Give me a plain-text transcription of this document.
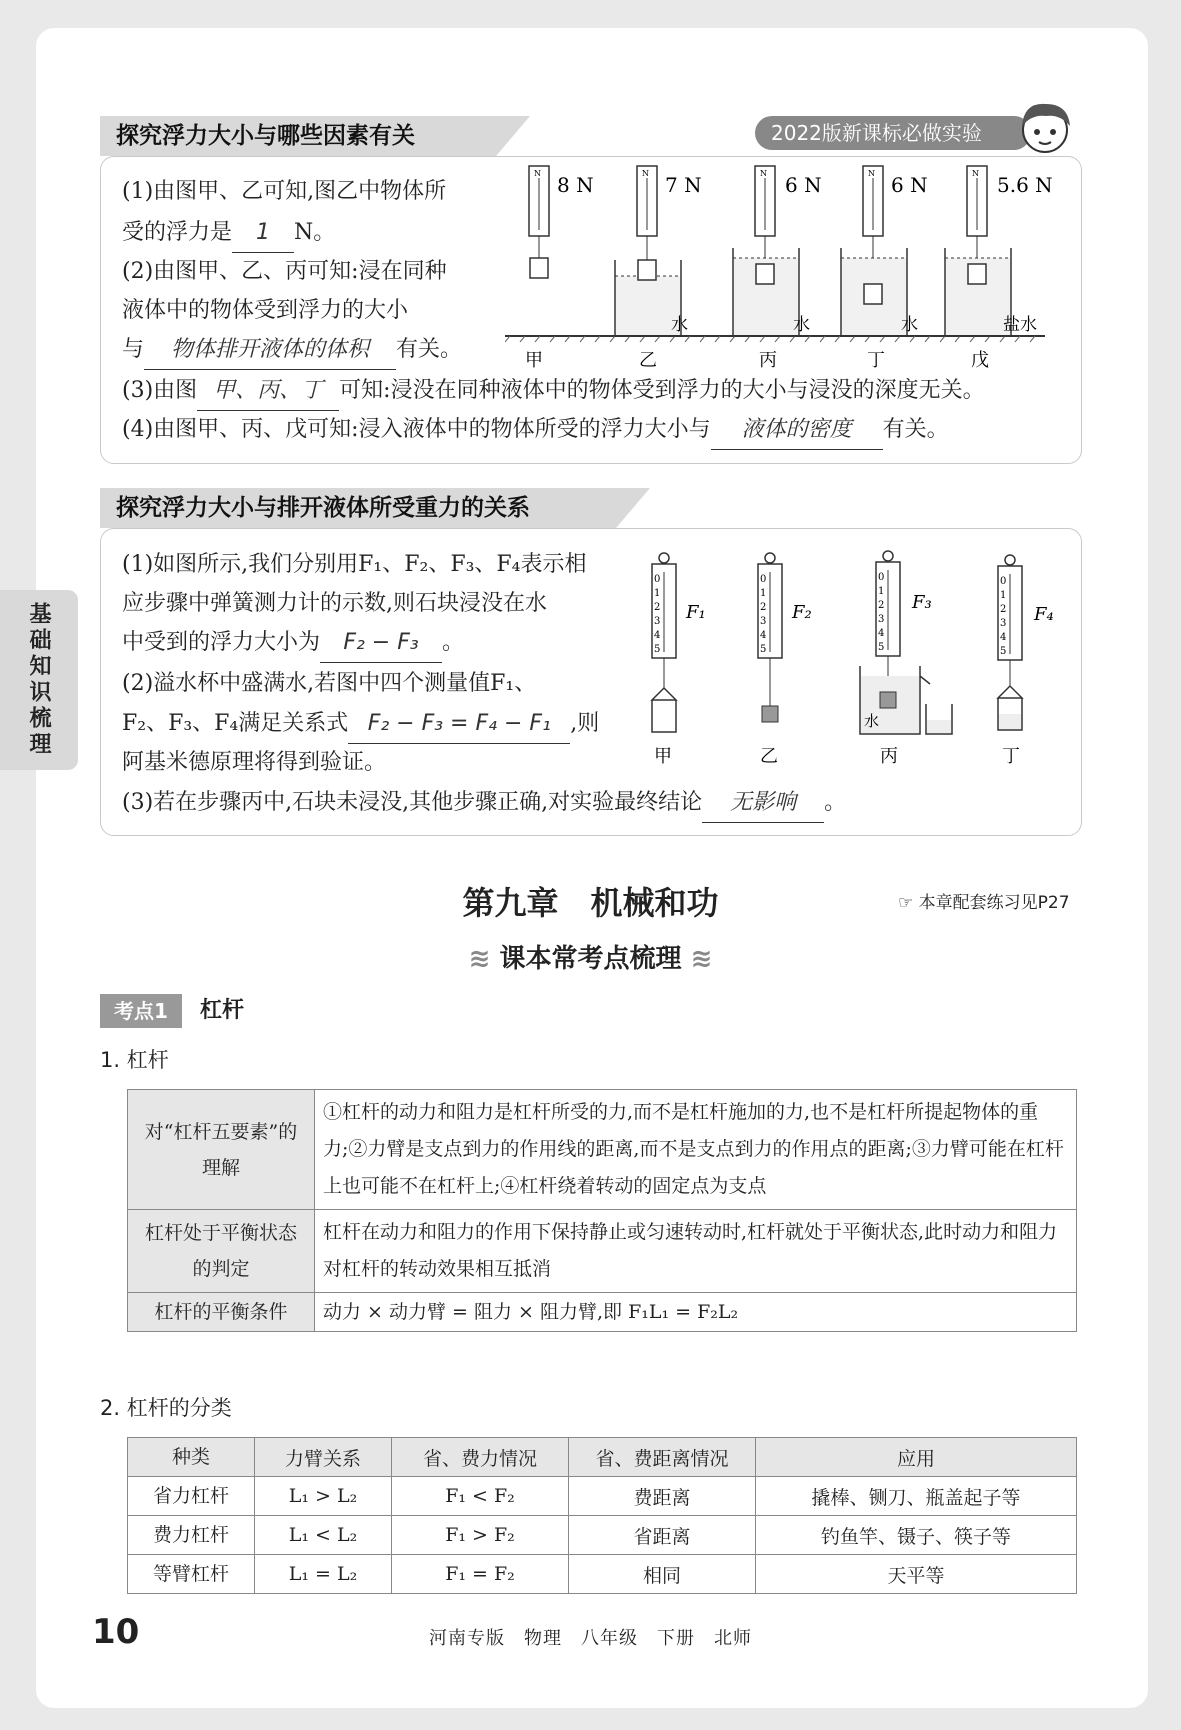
2022版新课标必做实验
基础知识梳理
探究浮力大小与哪些因素有关
(1)由图甲、乙可知,图乙中物体所
受的浮力是 1 N。
(2)由图甲、乙、丙可知:浸在同种
液体中的物体受到浮力的大小
与 物体排开液体的体积 有关。
(3)由图 甲、丙、丁 可知:浸没在同种液体中的物体受到浮力的大小与浸没的深度无关。
(4)由图甲、丙、戊可知:浸入液体中的物体所受的浮力大小与 液体的密度 有关。
N 8 N
甲
N 7 N
水
乙
N 6 N
水
丙
N 6 N
水
丁
N 5.6 N
盐水
戊
探究浮力大小与排开液体所受重力的关系
(1)如图所示,我们分别用F₁、F₂、F₃、F₄表示相
应步骤中弹簧测力计的示数,则石块浸没在水
中受到的浮力大小为 F₂ − F₃ 。
(2)溢水杯中盛满水,若图中四个测量值F₁、
F₂、F₃、F₄满足关系式 F₂ − F₃ = F₄ − F₁ ,则
阿基米德原理将得到验证。
(3)若在步骤丙中,石块未浸没,其他步骤正确,对实验最终结论 无影响 。
0
1
2
3
4
5
F₁
甲
0
1
2
3
4
5
F₂
乙
0
1
2
3
4
5
水
F₃
丙
0
1
2
3
4
5
F₄
丁
第九章　机械和功	☞ 本章配套练习见P27
≋ 课本常考点梳理 ≋
考点1	杠杆
1. 杠杆
对“杠杆五要素”的理解	①杠杆的动力和阻力是杠杆所受的力,而不是杠杆施加的力,也不是杠杆所提起物体的重力;②力臂是支点到力的作用线的距离,而不是支点到力的作用点的距离;③力臂可能在杠杆上也可能不在杠杆上;④杠杆绕着转动的固定点为支点
杠杆处于平衡状态的判定	杠杆在动力和阻力的作用下保持静止或匀速转动时,杠杆就处于平衡状态,此时动力和阻力对杠杆的转动效果相互抵消
杠杆的平衡条件	动力 × 动力臂 = 阻力 × 阻力臂,即 F₁L₁ = F₂L₂
2. 杠杆的分类
种类	力臂关系	省、费力情况	省、费距离情况	应用
省力杠杆	L₁ > L₂	F₁ < F₂	费距离	撬棒、铡刀、瓶盖起子等
费力杠杆	L₁ < L₂	F₁ > F₂	省距离	钓鱼竿、镊子、筷子等
等臂杠杆	L₁ = L₂	F₁ = F₂	相同	天平等
10	河南专版　物理　八年级　下册　北师
